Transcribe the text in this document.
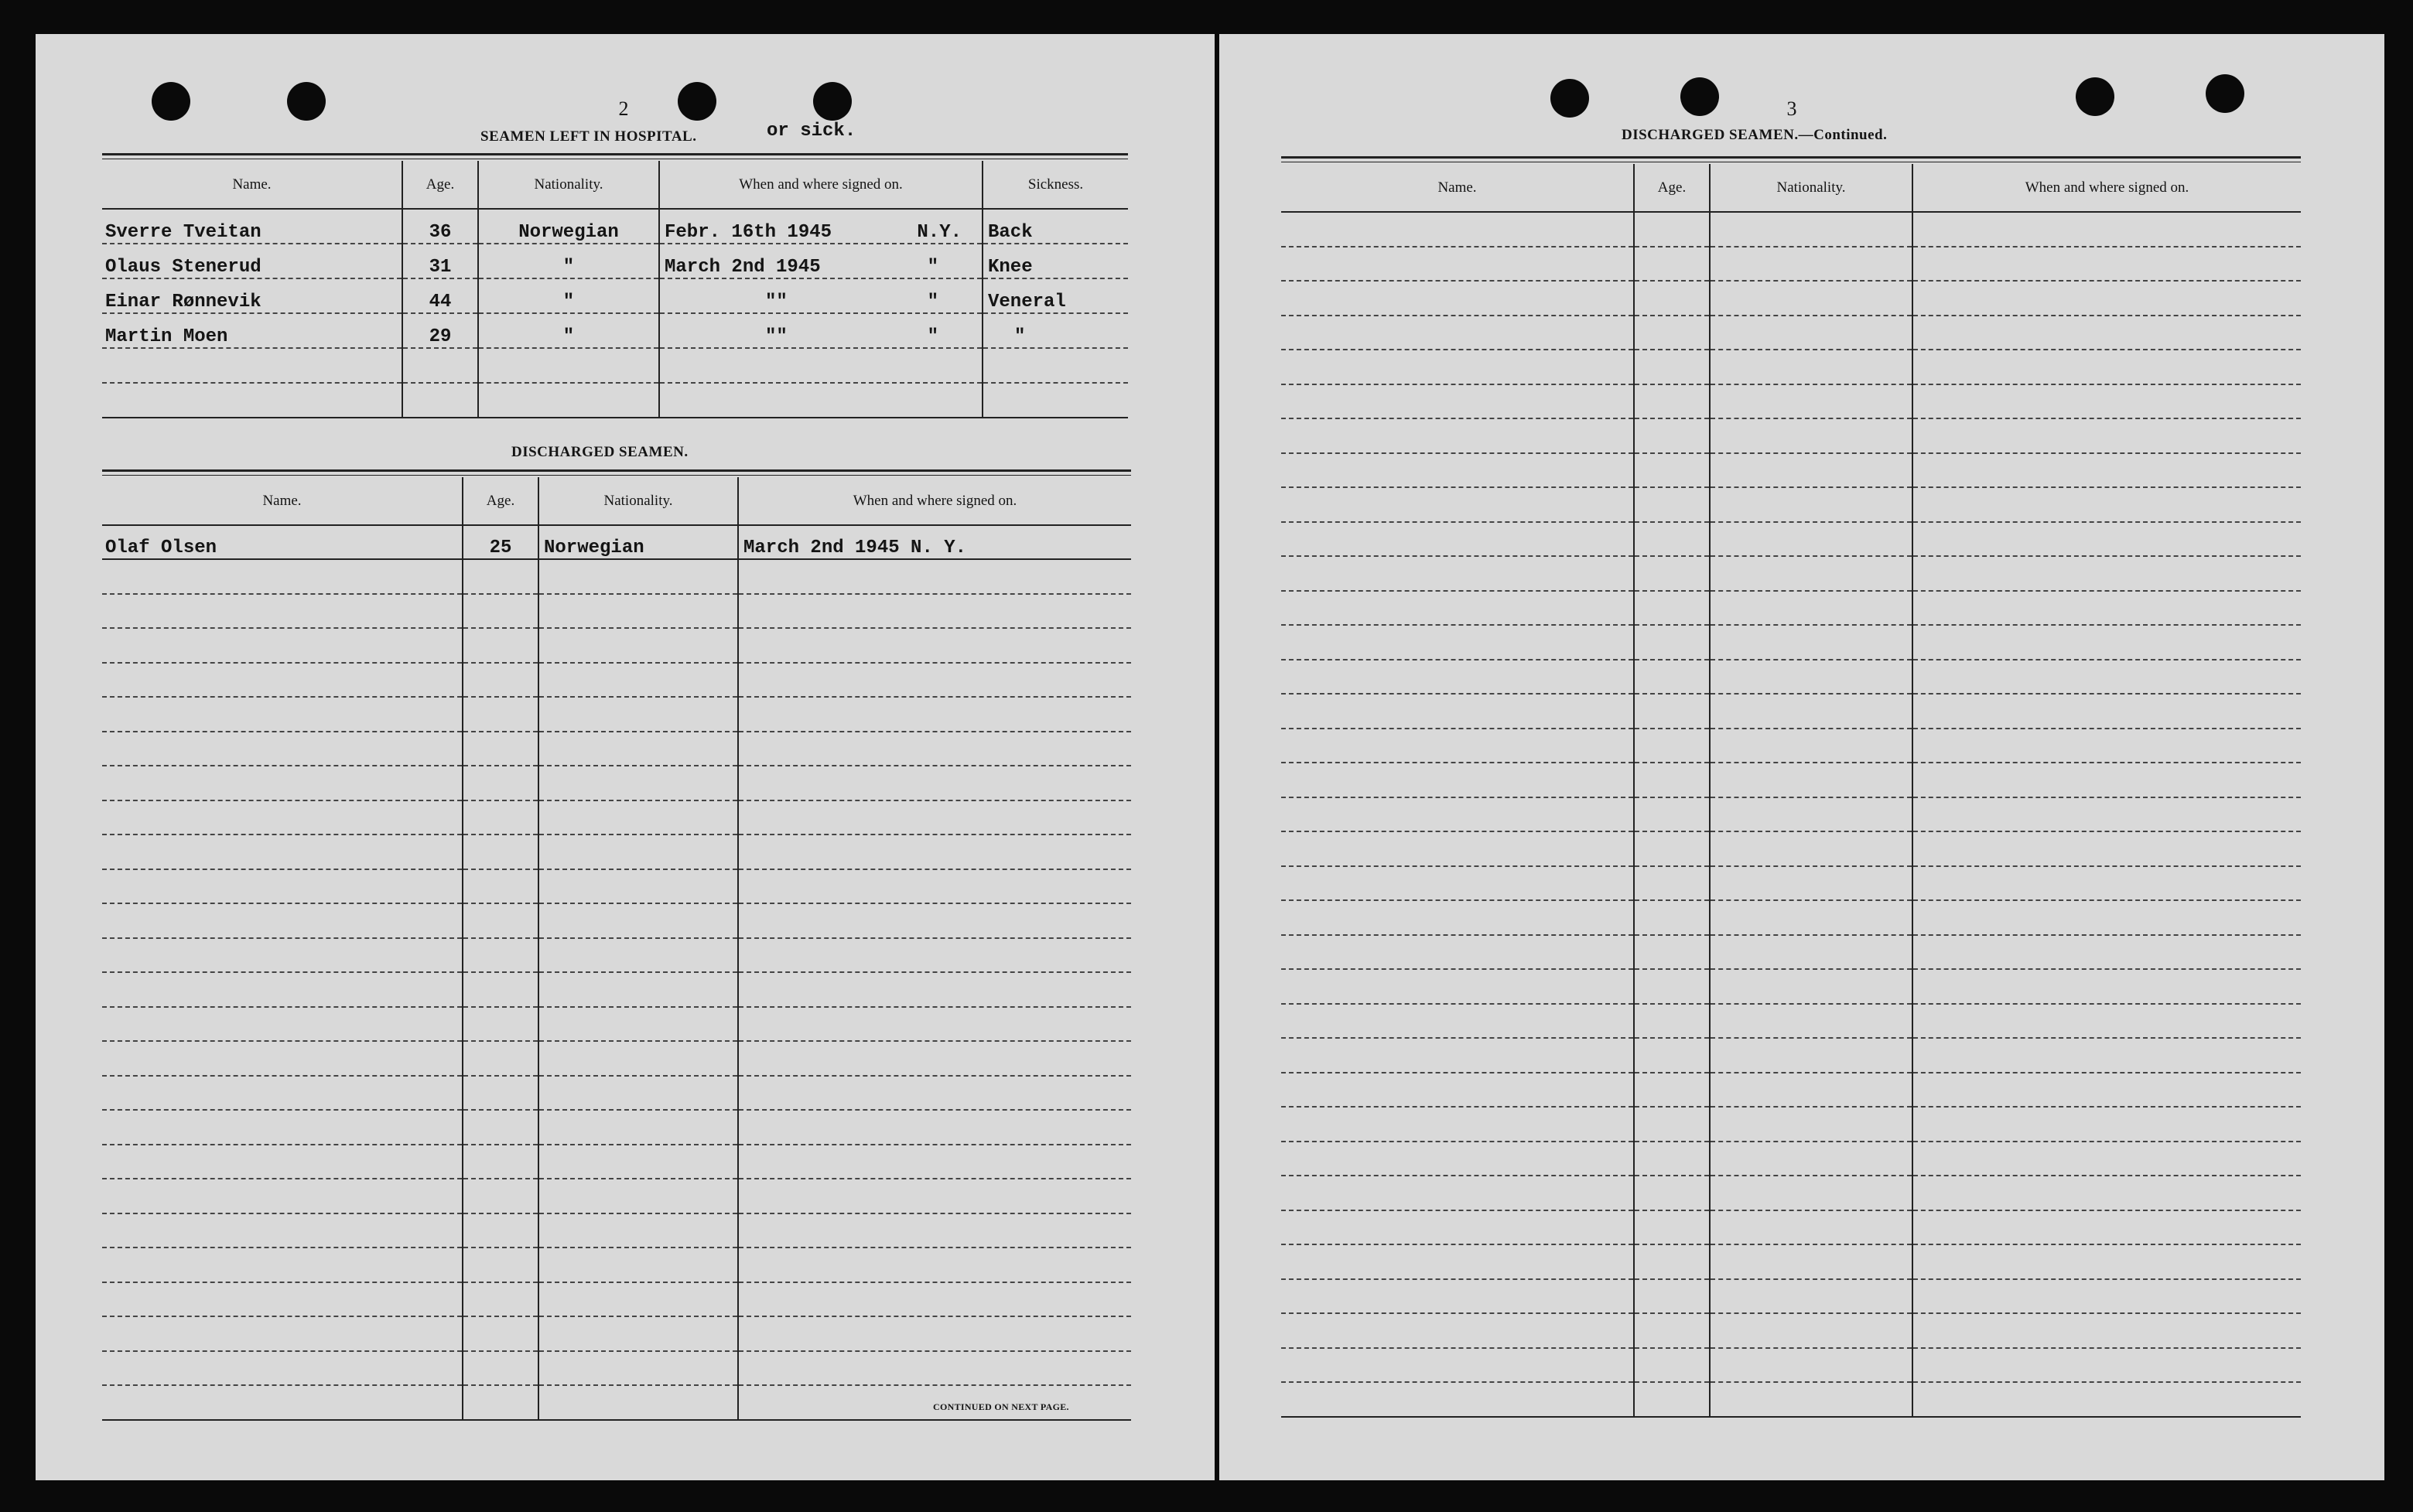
2
SEAMEN LEFT IN HOSPITAL.	or sick.
Name.	Age.	Nationality.	When and where signed on.	Sickness.
Sverre Tveitan	36	Norwegian	Febr. 16th 1945 N.Y.	Back
Olaus Stenerud	31	"	March 2nd 1945 "	Knee
Einar Rønnevik	44	"	"" "	Veneral
Martin Moen	29	"	"" "	"

DISCHARGED SEAMEN.
Name.	Age.	Nationality.	When and where signed on.
Olaf Olsen	25	Norwegian	March 2nd 1945 N. Y.

CONTINUED ON NEXT PAGE.
3
DISCHARGED SEAMEN.—Continued.
Name.	Age.	Nationality.	When and where signed on.
